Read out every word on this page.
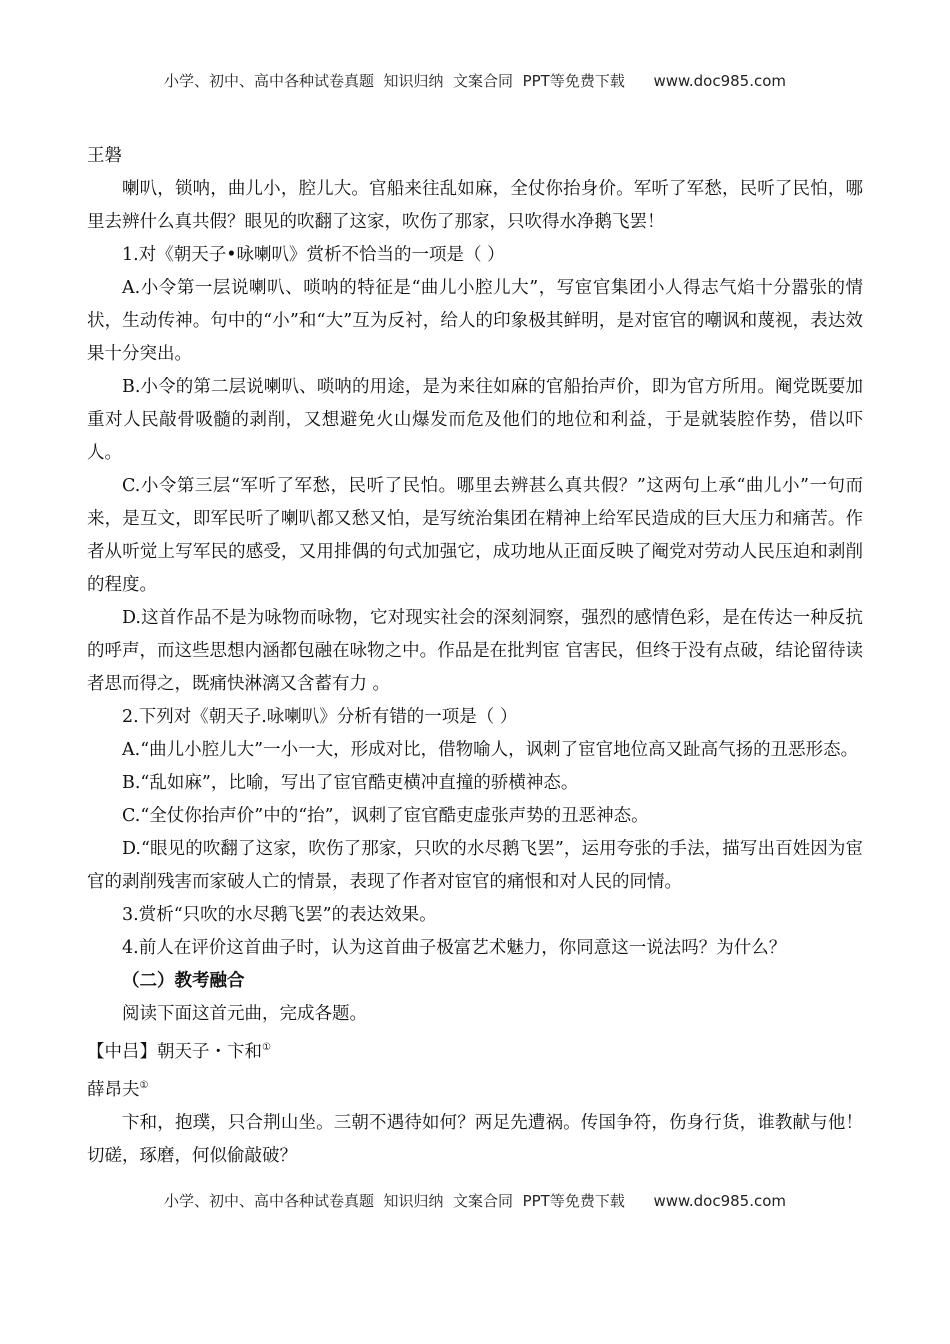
小学、初中、高中各种试卷真题  知识归纳  文案合同  PPT等免费下载      www.doc985.com

王磐

喇叭，锁呐，曲儿小，腔儿大。官船来往乱如麻，全仗你抬身价。军听了军愁，民听了民怕，哪里去辨什么真共假？眼见的吹翻了这家，吹伤了那家，只吹得水净鹅飞罢！

1.对《朝天子•咏喇叭》赏析不恰当的一项是（ ）

A.小令第一层说喇叭、唢呐的特征是“曲儿小腔儿大”，写宦官集团小人得志气焰十分嚣张的情状，生动传神。句中的“小”和“大”互为反衬，给人的印象极其鲜明，是对宦官的嘲讽和蔑视，表达效果十分突出。

B.小令的第二层说喇叭、唢呐的用途，是为来往如麻的官船抬声价，即为官方所用。阉党既要加重对人民敲骨吸髓的剥削，又想避免火山爆发而危及他们的地位和利益，于是就装腔作势，借以吓人。

C.小令第三层“军听了军愁，民听了民怕。哪里去辨甚么真共假？”这两句上承“曲儿小”一句而来，是互文，即军民听了喇叭都又愁又怕，是写统治集团在精神上给军民造成的巨大压力和痛苦。作者从听觉上写军民的感受，又用排偶的句式加强它，成功地从正面反映了阉党对劳动人民压迫和剥削的程度。

D.这首作品不是为咏物而咏物，它对现实社会的深刻洞察，强烈的感情色彩，是在传达一种反抗的呼声，而这些思想内涵都包融在咏物之中。作品是在批判宦 官害民，但终于没有点破，结论留待读者思而得之，既痛快淋漓又含蓄有力 。

2.下列对《朝天子.咏喇叭》分析有错的一项是（ ）

A.“曲儿小腔儿大”一小一大，形成对比，借物喻人，讽刺了宦官地位高又趾高气扬的丑恶形态。

B.“乱如麻”，比喻，写出了宦官酷吏横冲直撞的骄横神态。

C.“全仗你抬声价”中的“抬”，讽刺了宦官酷吏虚张声势的丑恶神态。

D.“眼见的吹翻了这家，吹伤了那家，只吹的水尽鹅飞罢”，运用夸张的手法，描写出百姓因为宦官的剥削残害而家破人亡的情景，表现了作者对宦官的痛恨和对人民的同情。

3.赏析“只吹的水尽鹅飞罢”的表达效果。

4.前人在评价这首曲子时，认为这首曲子极富艺术魅力，你同意这一说法吗？为什么？

（二）教考融合

阅读下面这首元曲，完成各题。

【中吕】朝天子・卞和①

薛昂夫①

卞和，抱璞，只合荆山坐。三朝不遇待如何？两足先遭祸。传国争符，伤身行货，谁教献与他！切磋，琢磨，何似偷敲破？

小学、初中、高中各种试卷真题  知识归纳  文案合同  PPT等免费下载      www.doc985.com
